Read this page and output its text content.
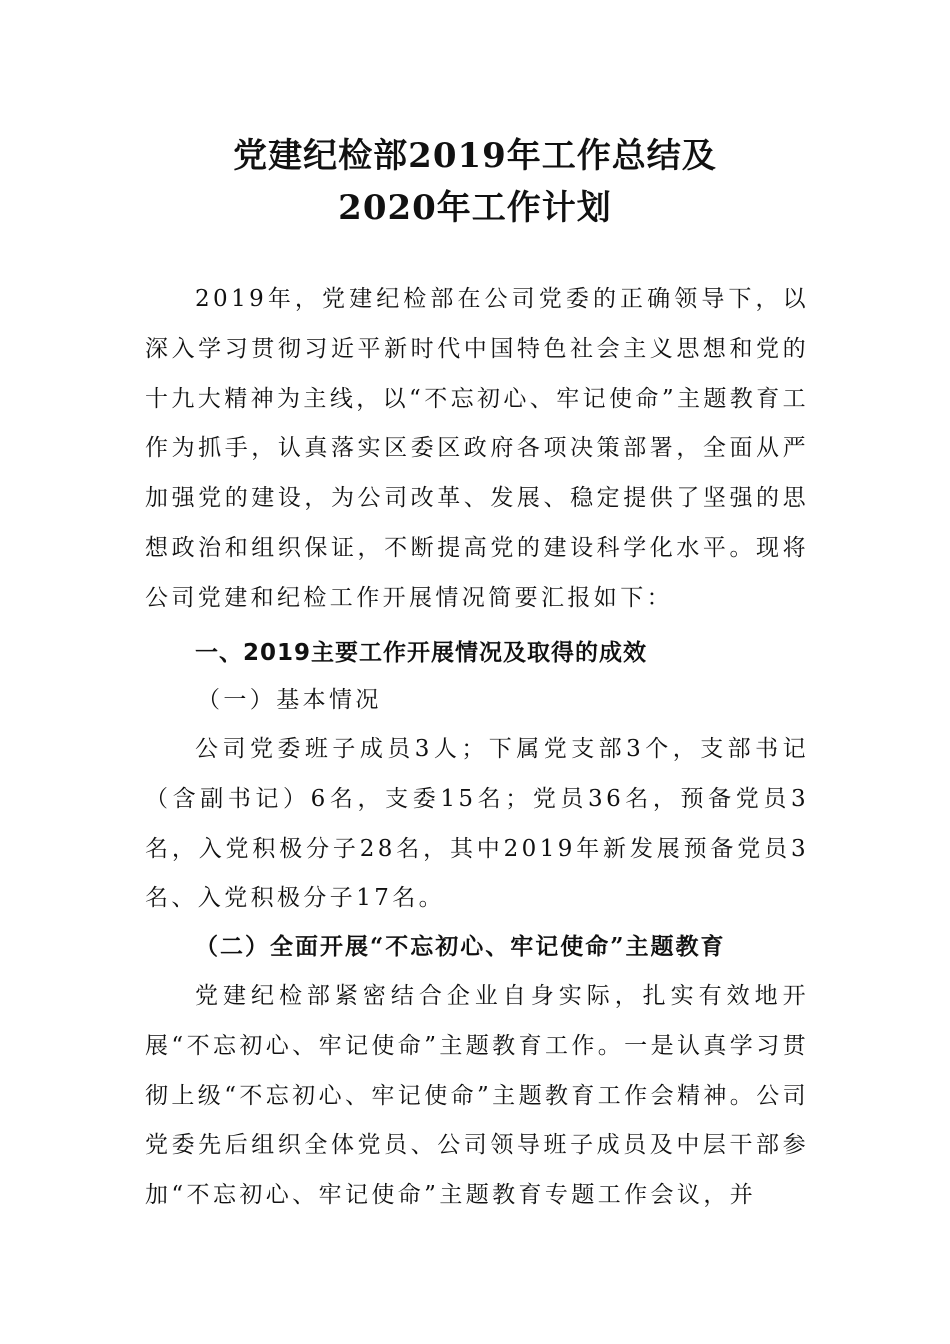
党建纪检部2019年工作总结及
2020年工作计划

2019年，党建纪检部在公司党委的正确领导下，以深入学习贯彻习近平新时代中国特色社会主义思想和党的十九大精神为主线，以“不忘初心、牢记使命”主题教育工作为抓手，认真落实区委区政府各项决策部署，全面从严加强党的建设，为公司改革、发展、稳定提供了坚强的思想政治和组织保证，不断提高党的建设科学化水平。现将公司党建和纪检工作开展情况简要汇报如下：

一、2019主要工作开展情况及取得的成效

（一）基本情况

公司党委班子成员3人；下属党支部3个，支部书记（含副书记）6名，支委15名；党员36名，预备党员3名，入党积极分子28名，其中2019年新发展预备党员3名、入党积极分子17名。

（二）全面开展“不忘初心、牢记使命”主题教育

党建纪检部紧密结合企业自身实际，扎实有效地开展“不忘初心、牢记使命”主题教育工作。一是认真学习贯彻上级“不忘初心、牢记使命”主题教育工作会精神。公司党委先后组织全体党员、公司领导班子成员及中层干部参加“不忘初心、牢记使命”主题教育专题工作会议，并
